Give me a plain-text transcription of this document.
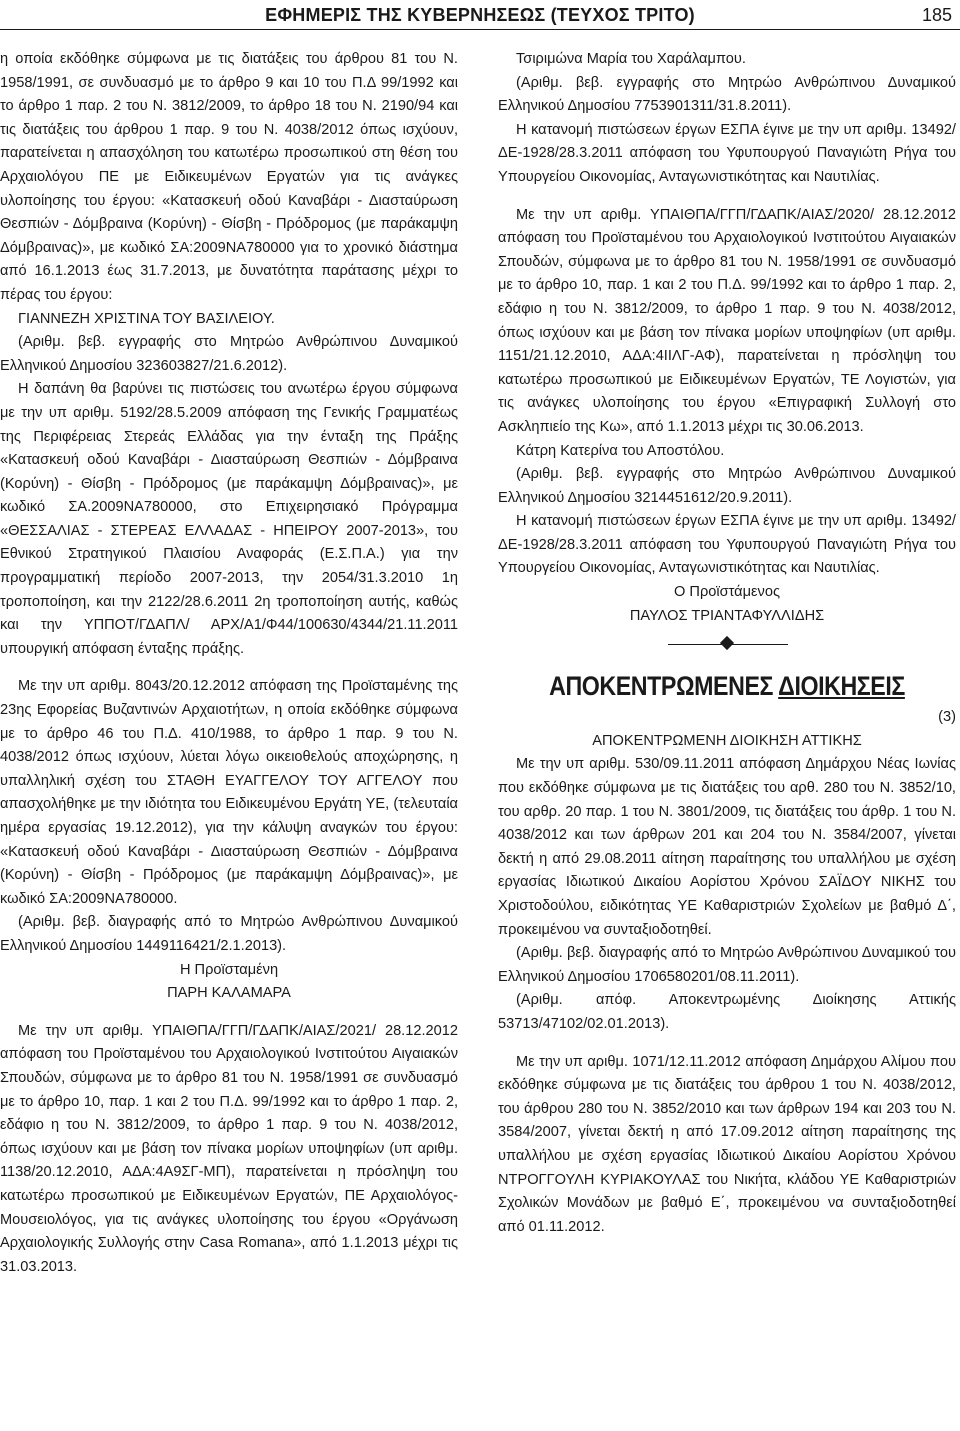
ΕΦΗΜΕΡΙΣ ΤΗΣ ΚΥΒΕΡΝΗΣΕΩΣ (ΤΕΥΧΟΣ ΤΡΙΤΟ)	185

η οποία εκδόθηκε σύμφωνα με τις διατάξεις του άρθρου 81 του Ν. 1958/1991, σε συνδυασμό με το άρθρο 9 και 10 του Π.Δ 99/1992 και το άρθρο 1 παρ. 2 του Ν. 3812/2009, το άρθρο 18 του Ν. 2190/94 και τις διατάξεις του άρθρου 1 παρ. 9 του Ν. 4038/2012 όπως ισχύουν, παρατείνεται η απασχόληση του κατωτέρω προσωπικού στη θέση του Αρχαιολόγου ΠΕ με Ειδικευμένων Εργατών για τις ανάγκες υλοποίησης του έργου: «Κατασκευή οδού Καναβάρι - Διασταύρωση Θεσπιών - Δόμβραινα (Κορύνη) - Θίσβη - Πρόδρομος (με παράκαμψη Δόμβραινας)», με κωδικό ΣΑ:2009ΝΑ780000 για το χρονικό διάστημα από 16.1.2013 έως 31.7.2013, με δυνατότητα παράτασης μέχρι το πέρας του έργου:

ΓΙΑΝΝΕΖΗ ΧΡΙΣΤΙΝΑ ΤΟΥ ΒΑΣΙΛΕΙΟΥ.

(Αριθμ. βεβ. εγγραφής στο Μητρώο Ανθρώπινου Δυναμικού Ελληνικού Δημοσίου 323603827/21.6.2012).

Η δαπάνη θα βαρύνει τις πιστώσεις του ανωτέρω έργου σύμφωνα με την υπ αριθμ. 5192/28.5.2009 απόφαση της Γενικής Γραμματέως της Περιφέρειας Στερεάς Ελλάδας για την ένταξη της Πράξης «Κατασκευή οδού Καναβάρι - Διασταύρωση Θεσπιών - Δόμβραινα (Κορύνη) - Θίσβη - Πρόδρομος (με παράκαμψη Δόμβραινας)», με κωδικό ΣΑ.2009ΝΑ780000, στο Επιχειρησιακό Πρόγραμμα «ΘΕΣΣΑΛΙΑΣ - ΣΤΕΡΕΑΣ ΕΛΛΑΔΑΣ - ΗΠΕΙΡΟΥ 2007-2013», του Εθνικού Στρατηγικού Πλαισίου Αναφοράς (Ε.Σ.Π.Α.) για την προγραμματική περίοδο 2007-2013, την 2054/31.3.2010 1η τροποποίηση, και την 2122/28.6.2011 2η τροποποίηση αυτής, καθώς και την ΥΠΠΟΤ/ΓΔΑΠΛ/ ΑΡΧ/Α1/Φ44/100630/4344/21.11.2011 υπουργική απόφαση ένταξης πράξης.

Με την υπ αριθμ. 8043/20.12.2012 απόφαση της Προϊσταμένης της 23ης Εφορείας Βυζαντινών Αρχαιοτήτων, η οποία εκδόθηκε σύμφωνα με το άρθρο 46 του Π.Δ. 410/1988, το άρθρο 1 παρ. 9 του Ν. 4038/2012 όπως ισχύουν, λύεται λόγω οικειοθελούς αποχώρησης, η υπαλληλική σχέση του ΣΤΑΘΗ ΕΥΑΓΓΕΛΟΥ ΤΟΥ ΑΓΓΕΛΟΥ που απασχολήθηκε με την ιδιότητα του Ειδικευμένου Εργάτη ΥΕ, (τελευταία ημέρα εργασίας 19.12.2012), για την κάλυψη αναγκών του έργου: «Κατασκευή οδού Καναβάρι - Διασταύρωση Θεσπιών - Δόμβραινα (Κορύνη) - Θίσβη - Πρόδρομος (με παράκαμψη Δόμβραινας)», με κωδικό ΣΑ:2009ΝΑ780000.

(Αριθμ. βεβ. διαγραφής από το Μητρώο Ανθρώπινου Δυναμικού Ελληνικού Δημοσίου 1449116421/2.1.2013).

Η Προϊσταμένη

ΠΑΡΗ ΚΑΛΑΜΑΡΑ

Με την υπ αριθμ. ΥΠΑΙΘΠΑ/ΓΓΠ/ΓΔΑΠΚ/ΑΙΑΣ/2021/ 28.12.2012 απόφαση του Προϊσταμένου του Αρχαιολογικού Ινστιτούτου Αιγαιακών Σπουδών, σύμφωνα με το άρθρο 81 του Ν. 1958/1991 σε συνδυασμό με το άρθρο 10, παρ. 1 και 2 του Π.Δ. 99/1992 και το άρθρο 1 παρ. 2, εδάφιο η του Ν. 3812/2009, το άρθρο 1 παρ. 9 του Ν. 4038/2012, όπως ισχύουν και με βάση τον πίνακα μορίων υποψηφίων (υπ αριθμ. 1138/20.12.2010, ΑΔΑ:4Α9ΣΓ-ΜΠ), παρατείνεται η πρόσληψη του κατωτέρω προσωπικού με Ειδικευμένων Εργατών, ΠΕ Αρχαιολόγος-Μουσειολόγος, για τις ανάγκες υλοποίησης του έργου «Οργάνωση Αρχαιολογικής Συλλογής στην Casa Romana», από 1.1.2013 μέχρι τις 31.03.2013.

Τσιριμώνα Μαρία του Χαράλαμπου.

(Αριθμ. βεβ. εγγραφής στο Μητρώο Ανθρώπινου Δυναμικού Ελληνικού Δημοσίου 7753901311/31.8.2011).

Η κατανομή πιστώσεων έργων ΕΣΠΑ έγινε με την υπ αριθμ. 13492/ΔΕ-1928/28.3.2011 απόφαση του Υφυπουργού Παναγιώτη Ρήγα του Υπουργείου Οικονομίας, Ανταγωνιστικότητας και Ναυτιλίας.

Με την υπ αριθμ. ΥΠΑΙΘΠΑ/ΓΓΠ/ΓΔΑΠΚ/ΑΙΑΣ/2020/ 28.12.2012 απόφαση του Προϊσταμένου του Αρχαιολογικού Ινστιτούτου Αιγαιακών Σπουδών, σύμφωνα με το άρθρο 81 του Ν. 1958/1991 σε συνδυασμό με το άρθρο 10, παρ. 1 και 2 του Π.Δ. 99/1992 και το άρθρο 1 παρ. 2, εδάφιο η του Ν. 3812/2009, το άρθρο 1 παρ. 9 του Ν. 4038/2012, όπως ισχύουν και με βάση τον πίνακα μορίων υποψηφίων (υπ αριθμ. 1151/21.12.2010, ΑΔΑ:4ΙΙΛΓ-ΑΦ), παρατείνεται η πρόσληψη του κατωτέρω προσωπικού με Ειδικευμένων Εργατών, ΤΕ Λογιστών, για τις ανάγκες υλοποίησης του έργου «Επιγραφική Συλλογή στο Ασκληπιείο της Κω», από 1.1.2013 μέχρι τις 30.06.2013.

Κάτρη Κατερίνα του Αποστόλου.

(Αριθμ. βεβ. εγγραφής στο Μητρώο Ανθρώπινου Δυναμικού Ελληνικού Δημοσίου 3214451612/20.9.2011).

Η κατανομή πιστώσεων έργων ΕΣΠΑ έγινε με την υπ αριθμ. 13492/ΔΕ-1928/28.3.2011 απόφαση του Υφυπουργού Παναγιώτη Ρήγα του Υπουργείου Οικονομίας, Ανταγωνιστικότητας και Ναυτιλίας.

Ο Προϊστάμενος

ΠΑΥΛΟΣ ΤΡΙΑΝΤΑΦΥΛΛΙΔΗΣ

ΑΠΟΚΕΝΤΡΩΜΕΝΕΣ ΔΙΟΙΚΗΣΕΙΣ

(3)

ΑΠΟΚΕΝΤΡΩΜΕΝΗ ΔΙΟΙΚΗΣΗ ΑΤΤΙΚΗΣ

Με την υπ αριθμ. 530/09.11.2011 απόφαση Δημάρχου Νέας Ιωνίας που εκδόθηκε σύμφωνα με τις διατάξεις του αρθ. 280 του Ν. 3852/10, του αρθρ. 20 παρ. 1 του Ν. 3801/2009, τις διατάξεις του άρθρ. 1 του Ν. 4038/2012 και των άρθρων 201 και 204 του Ν. 3584/2007, γίνεται δεκτή η από 29.08.2011 αίτηση παραίτησης του υπαλλήλου με σχέση εργασίας Ιδιωτικού Δικαίου Αορίστου Χρόνου ΣΑΪΔΟΥ ΝΙΚΗΣ του Χριστοδούλου, ειδικότητας ΥΕ Καθαριστριών Σχολείων με βαθμό Δ΄, προκειμένου να συνταξιοδοτηθεί.

(Αριθμ. βεβ. διαγραφής από το Μητρώο Ανθρώπινου Δυναμικού του Ελληνικού Δημοσίου 1706580201/08.11.2011).

(Αριθμ. απόφ. Αποκεντρωμένης Διοίκησης Αττικής 53713/47102/02.01.2013).

Με την υπ αριθμ. 1071/12.11.2012 απόφαση Δημάρχου Αλίμου που εκδόθηκε σύμφωνα με τις διατάξεις του άρθρου 1 του Ν. 4038/2012, του άρθρου 280 του Ν. 3852/2010 και των άρθρων 194 και 203 του Ν. 3584/2007, γίνεται δεκτή η από 17.09.2012 αίτηση παραίτησης της υπαλλήλου με σχέση εργασίας Ιδιωτικού Δικαίου Αορίστου Χρόνου ΝΤΡΟΓΓΟΥΛΗ ΚΥΡΙΑΚΟΥΛΑΣ του Νικήτα, κλάδου ΥΕ Καθαριστριών Σχολικών Μονάδων με βαθμό Ε΄, προκειμένου να συνταξιοδοτηθεί από 01.11.2012.
